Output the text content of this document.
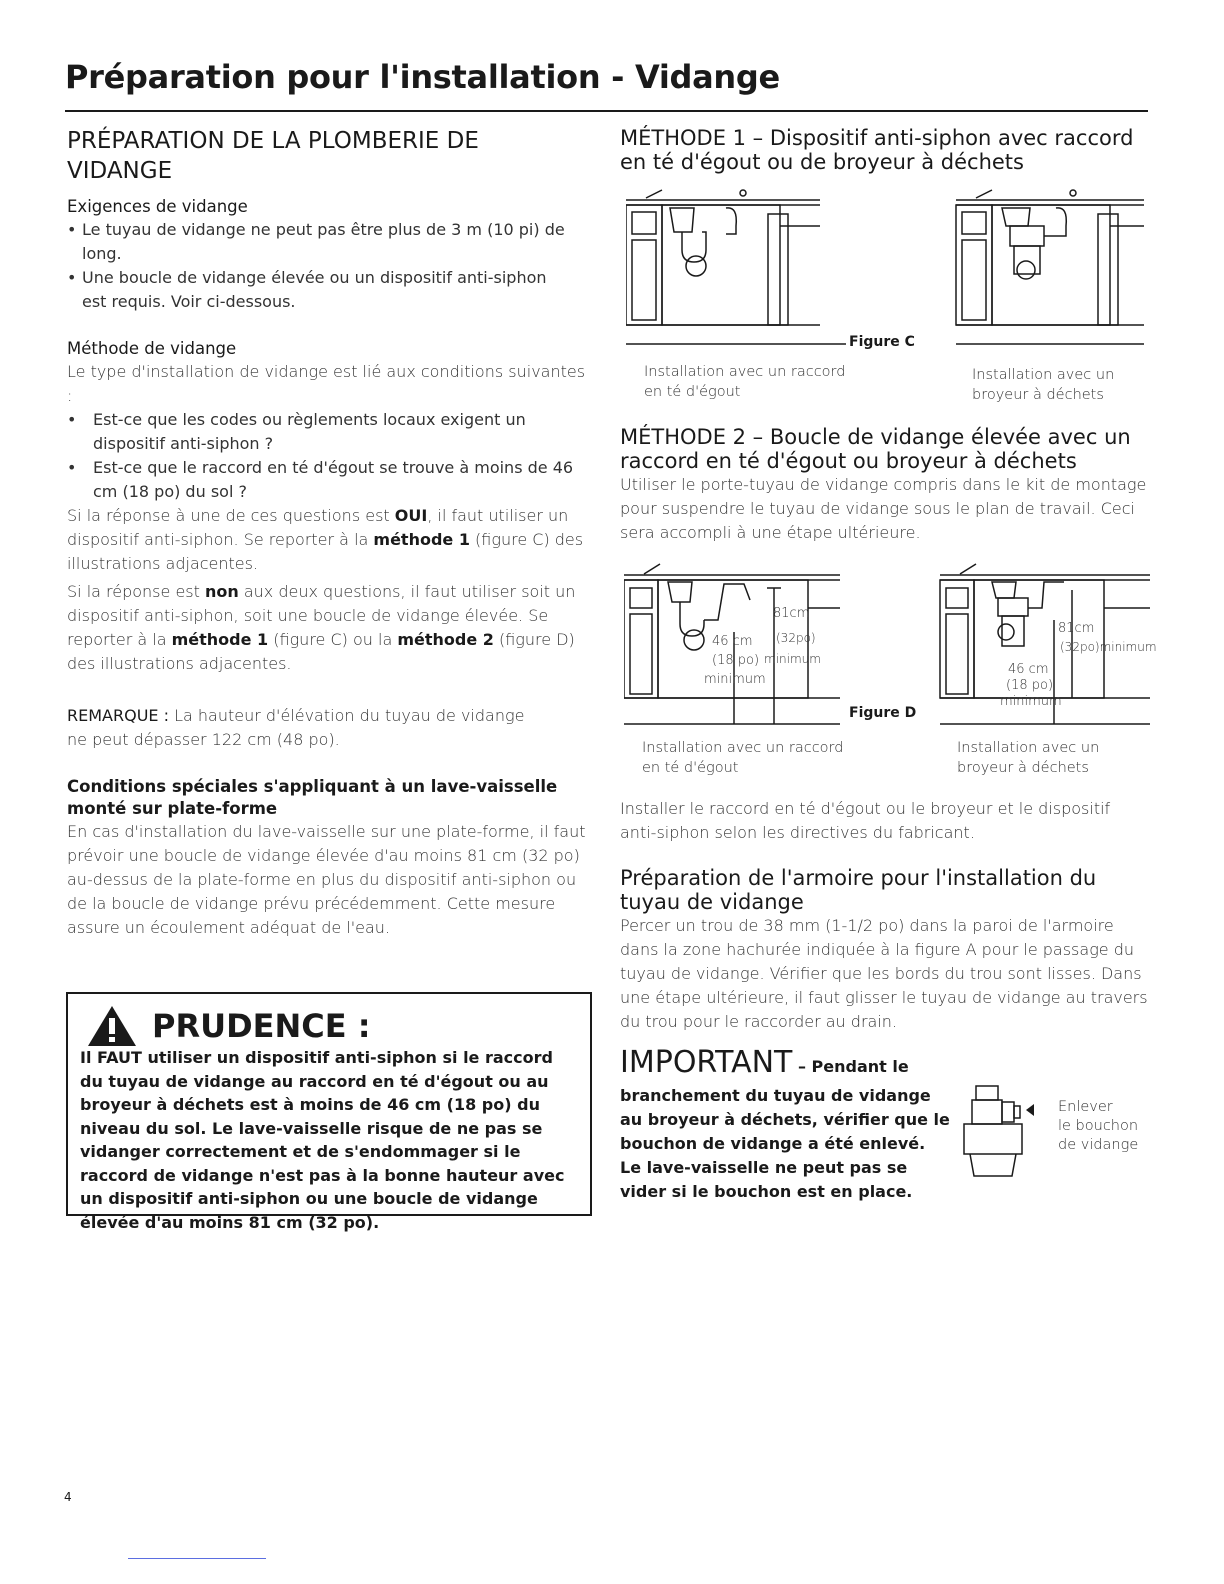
Préparation pour l'installation - Vidange
PRÉPARATION DE LA PLOMBERIE DE VIDANGE
Exigences de vidange
• Le tuyau de vidange ne peut pas être plus de 3 m (10 pi) de long.
• Une boucle de vidange élevée ou un dispositif anti-siphon est requis. Voir ci-dessous.
Méthode de vidange

Le type d'installation de vidange est lié aux conditions suivantes :

• Est-ce que les codes ou règlements locaux exigent un dispositif anti-siphon ?
• Est-ce que le raccord en té d'égout se trouve à moins de 46 cm (18 po) du sol ?

Si la réponse à une de ces questions est OUI, il faut utiliser un dispositif anti-siphon. Se reporter à la méthode 1 (figure C) des illustrations adjacentes.

Si la réponse est non aux deux questions, il faut utiliser soit un dispositif anti-siphon, soit une boucle de vidange élevée. Se reporter à la méthode 1 (figure C) ou la méthode 2 (figure D) des illustrations adjacentes.

REMARQUE : La hauteur d'élévation du tuyau de vidange ne peut dépasser 122 cm (48 po).

Conditions spéciales s'appliquant à un lave-vaisselle monté sur plate-forme

En cas d'installation du lave-vaisselle sur une plate-forme, il faut prévoir une boucle de vidange élevée d'au moins 81 cm (32 po) au-dessus de la plate-forme en plus du dispositif anti-siphon ou de la boucle de vidange prévu précédemment. Cette mesure assure un écoulement adéquat de l'eau.

PRUDENCE :

Il FAUT utiliser un dispositif anti-siphon si le raccord du tuyau de vidange au raccord en té d'égout ou au broyeur à déchets est à moins de 46 cm (18 po) du niveau du sol. Le lave-vaisselle risque de ne pas se vidanger correctement et de s'endommager si le raccord de vidange n'est pas à la bonne hauteur avec un dispositif anti-siphon ou une boucle de vidange élevée d'au moins 81 cm (32 po).

MÉTHODE 1 – Dispositif anti-siphon avec raccord en té d'égout ou de broyeur à déchets
Figure C
Installation avec un raccord en té d'égout
Installation avec un broyeur à déchets
MÉTHODE 2 – Boucle de vidange élevée avec un raccord en té d'égout ou broyeur à déchets

Utiliser le porte-tuyau de vidange compris dans le kit de montage pour suspendre le tuyau de vidange sous le plan de travail. Ceci sera accompli à une étape ultérieure.

81cm
(32po)
46 cm
(18 po) minimum
minimum
81cm
(32po)minimum
46 cm
(18 po)
minimum
Figure D
Installation avec un raccord en té d'égout
Installation avec un broyeur à déchets

Installer le raccord en té d'égout ou le broyeur et le dispositif anti-siphon selon les directives du fabricant.

Préparation de l'armoire pour l'installation du tuyau de vidange

Percer un trou de 38 mm (1-1/2 po) dans la paroi de l'armoire dans la zone hachurée indiquée à la figure A pour le passage du tuyau de vidange. Vérifier que les bords du trou sont lisses. Dans une étape ultérieure, il faut glisser le tuyau de vidange au travers du trou pour le raccorder au drain.

IMPORTANT – Pendant le

branchement du tuyau de vidange au broyeur à déchets, vérifier que le bouchon de vidange a été enlevé. Le lave-vaisselle ne peut pas se vider si le bouchon est en place.

Enlever
le bouchon
de vidange
4
